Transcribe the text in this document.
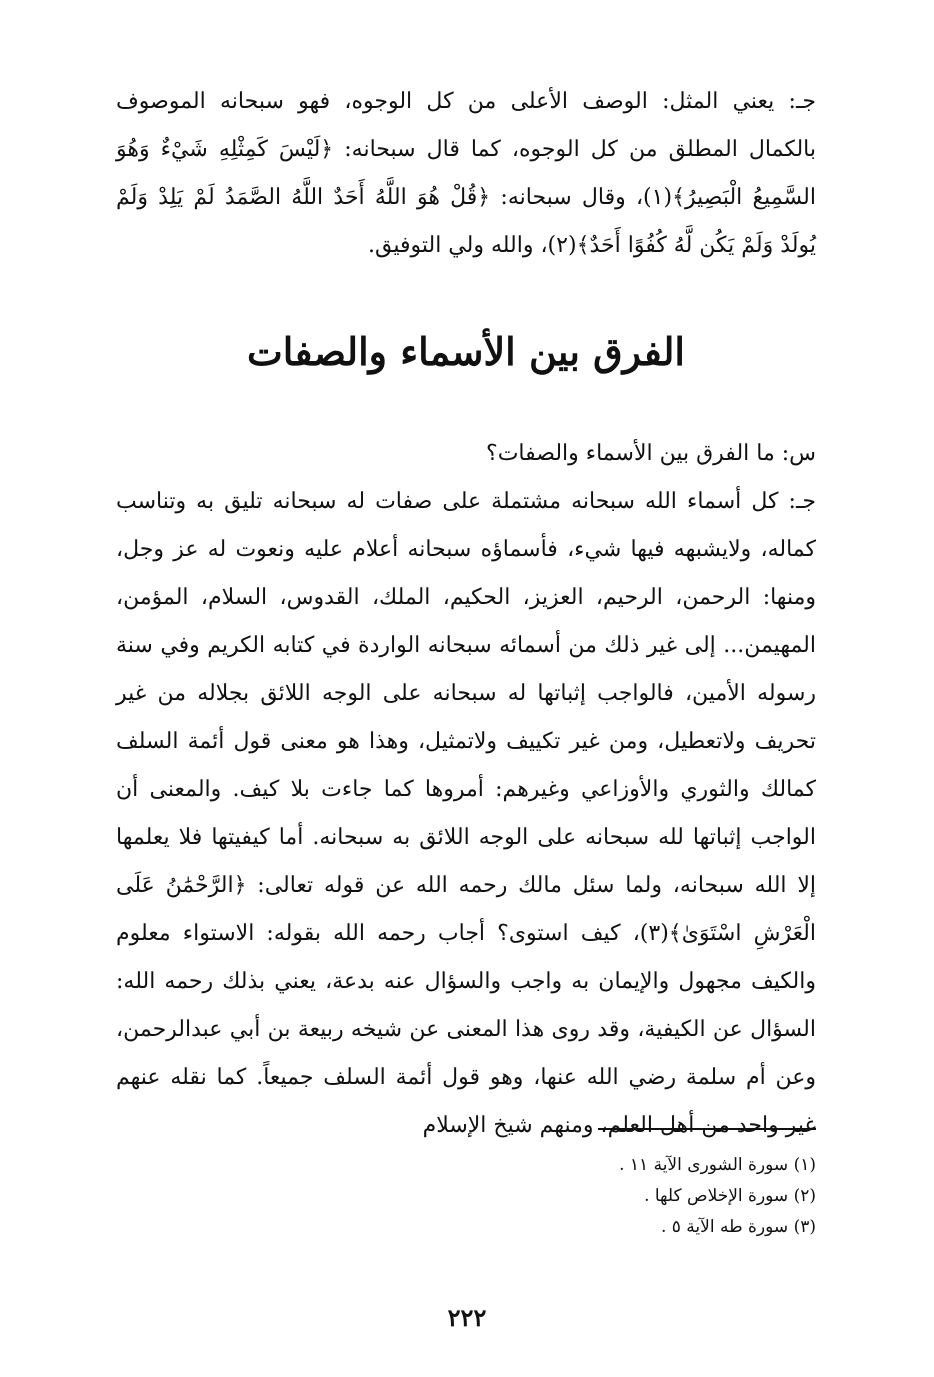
جـ: يعني المثل: الوصف الأعلى من كل الوجوه، فهو سبحانه الموصوف بالكمال المطلق من كل الوجوه، كما قال سبحانه: ﴿لَيْسَ كَمِثْلِهِ شَيْءٌ وَهُوَ السَّمِيعُ الْبَصِيرُ﴾(١)، وقال سبحانه: ﴿قُلْ هُوَ اللَّهُ أَحَدٌ اللَّهُ الصَّمَدُ لَمْ يَلِدْ وَلَمْ يُولَدْ وَلَمْ يَكُن لَّهُ كُفُوًا أَحَدٌ﴾(٢)، والله ولي التوفيق.

الفرق بين الأسماء والصفات

س: ما الفرق بين الأسماء والصفات؟

جـ: كل أسماء الله سبحانه مشتملة على صفات له سبحانه تليق به وتناسب كماله، ولايشبهه فيها شيء، فأسماؤه سبحانه أعلام عليه ونعوت له عز وجل، ومنها: الرحمن، الرحيم، العزيز، الحكيم، الملك، القدوس، السلام، المؤمن، المهيمن... إلى غير ذلك من أسمائه سبحانه الواردة في كتابه الكريم وفي سنة رسوله الأمين، فالواجب إثباتها له سبحانه على الوجه اللائق بجلاله من غير تحريف ولاتعطيل، ومن غير تكييف ولاتمثيل، وهذا هو معنى قول أئمة السلف كمالك والثوري والأوزاعي وغيرهم: أمروها كما جاءت بلا كيف. والمعنى أن الواجب إثباتها لله سبحانه على الوجه اللائق به سبحانه. أما كيفيتها فلا يعلمها إلا الله سبحانه، ولما سئل مالك رحمه الله عن قوله تعالى: ﴿الرَّحْمَٰنُ عَلَى الْعَرْشِ اسْتَوَىٰ﴾(٣)، كيف استوى؟ أجاب رحمه الله بقوله: الاستواء معلوم والكيف مجهول والإيمان به واجب والسؤال عنه بدعة، يعني بذلك رحمه الله: السؤال عن الكيفية، وقد روى هذا المعنى عن شيخه ربيعة بن أبي عبدالرحمن، وعن أم سلمة رضي الله عنها، وهو قول أئمة السلف جميعاً. كما نقله عنهم غير واحد من أهل العلم، ومنهم شيخ الإسلام

(١) سورة الشورى الآية ١١ .

(٢) سورة الإخلاص كلها .

(٣) سورة طه الآية ٥ .

٢٢٢
